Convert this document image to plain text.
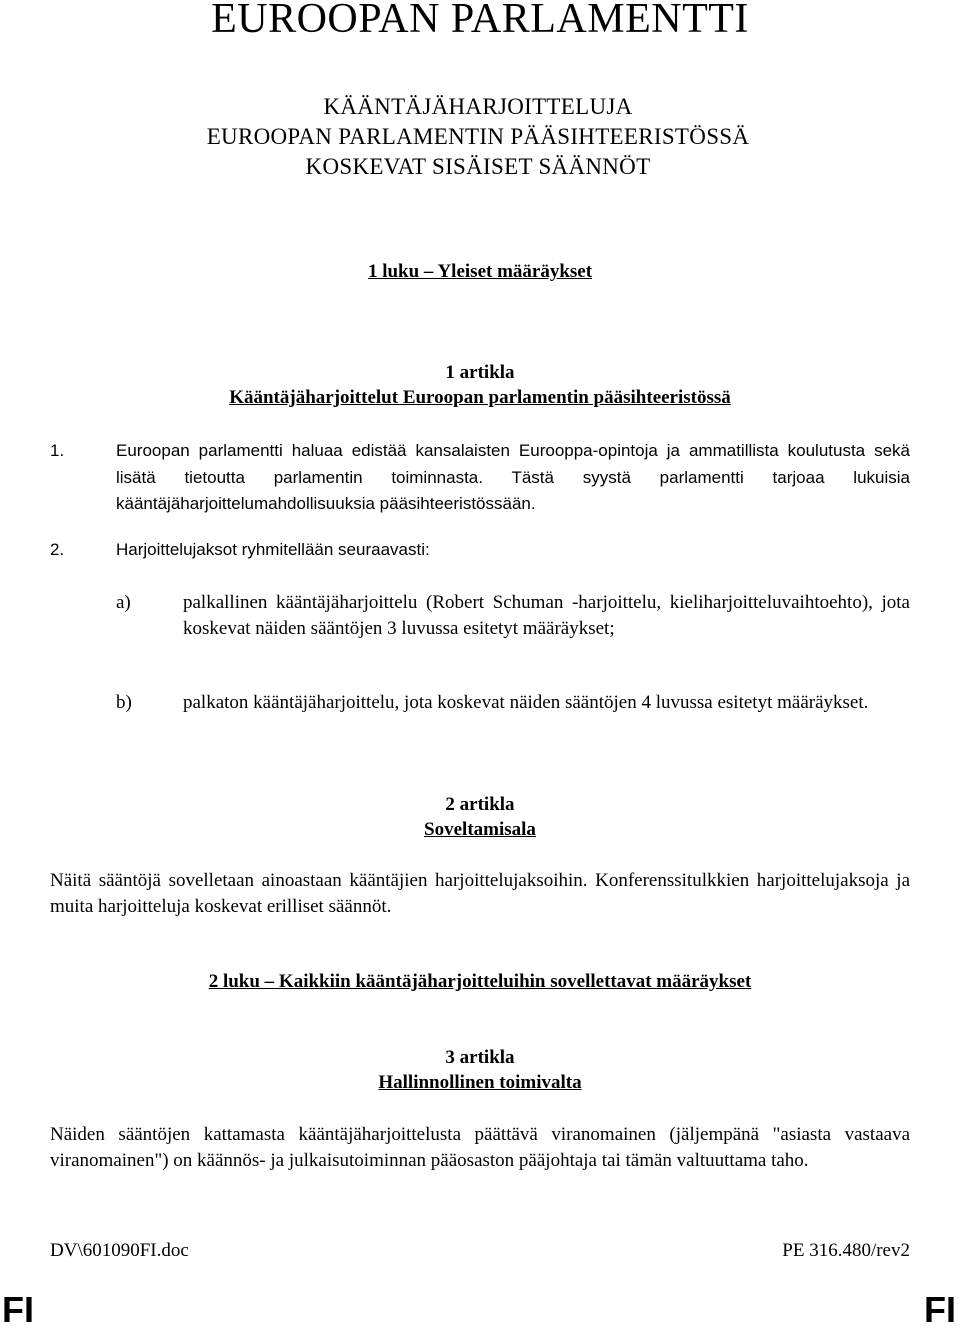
EUROOPAN PARLAMENTTI

KÄÄNTÄJÄHARJOITTELUJA

EUROOPAN PARLAMENTIN PÄÄSIHTEERISTÖSSÄ

KOSKEVAT SISÄISET SÄÄNNÖT

1 luku – Yleiset määräykset

1 artikla

Kääntäjäharjoittelut Euroopan parlamentin pääsihteeristössä

1.	Euroopan parlamentti haluaa edistää kansalaisten Eurooppa-opintoja ja ammatillista koulutusta sekä lisätä tietoutta parlamentin toiminnasta. Tästä syystä parlamentti tarjoaa lukuisia kääntäjäharjoittelumahdollisuuksia pääsihteeristössään.
2.	Harjoittelujaksot ryhmitellään seuraavasti:
a)	palkallinen kääntäjäharjoittelu (Robert Schuman -harjoittelu, kieliharjoitteluvaihtoehto), jota koskevat näiden sääntöjen 3 luvussa esitetyt määräykset;
b)	palkaton kääntäjäharjoittelu, jota koskevat näiden sääntöjen 4 luvussa esitetyt määräykset.

2 artikla

Soveltamisala

Näitä sääntöjä sovelletaan ainoastaan kääntäjien harjoittelujaksoihin. Konferenssitulkkien harjoittelujaksoja ja muita harjoitteluja koskevat erilliset säännöt.

2 luku – Kaikkiin kääntäjäharjoitteluihin sovellettavat määräykset

3 artikla

Hallinnollinen toimivalta

Näiden sääntöjen kattamasta kääntäjäharjoittelusta päättävä viranomainen (jäljempänä "asiasta vastaava viranomainen") on käännös- ja julkaisutoiminnan pääosaston pääjohtaja tai tämän valtuuttama taho.
DV\601090FI.doc	PE 316.480/rev2
FI	FI
